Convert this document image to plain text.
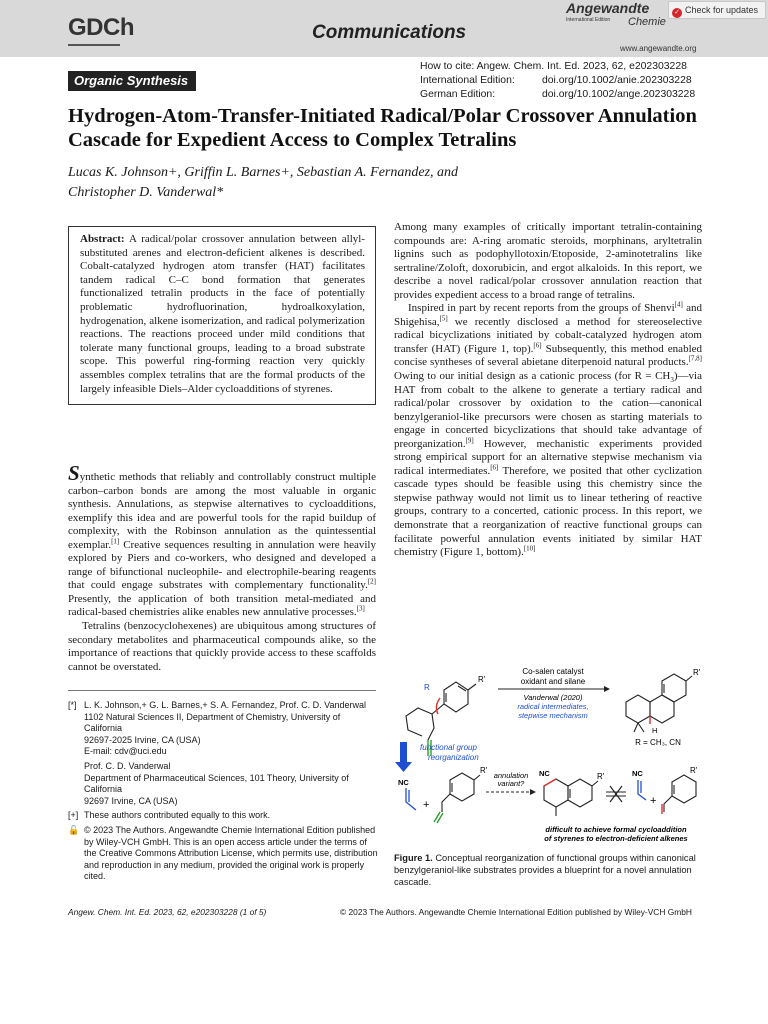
GDCh	Communications
Angewandte
International Edition Chemie
www.angewandte.org
✓ Check for updates
Organic Synthesis
How to cite: Angew. Chem. Int. Ed. 2023, 62, e202303228
International Edition:	doi.org/10.1002/anie.202303228
German Edition:	doi.org/10.1002/ange.202303228
Hydrogen-Atom-Transfer-Initiated Radical/Polar Crossover Annulation Cascade for Expedient Access to Complex Tetralins
Lucas K. Johnson+, Griffin L. Barnes+, Sebastian A. Fernandez, and
Christopher D. Vanderwal*
Abstract: A radical/polar crossover annulation between allyl-substituted arenes and electron-deficient alkenes is described. Cobalt-catalyzed hydrogen atom transfer (HAT) facilitates tandem radical C–C bond formation that generates functionalized tetralin products in the face of potentially problematic hydrofluorination, hydroalkoxylation, hydrogenation, alkene isomerization, and radical polymerization reactions. The reactions proceed under mild conditions that tolerate many functional groups, leading to a broad substrate scope. This powerful ring-forming reaction very quickly assembles complex tetralins that are the formal products of the largely infeasible Diels–Alder cycloadditions of styrenes.

Synthetic methods that reliably and controllably construct multiple carbon–carbon bonds are among the most valuable in organic synthesis. Annulations, as stepwise alternatives to cycloadditions, exemplify this idea and are powerful tools for the rapid buildup of complexity, with the Robinson annulation as the quintessential exemplar.[1] Creative sequences resulting in annulation were heavily explored by Piers and co-workers, who designed and developed a range of bifunctional nucleophile- and electrophile-bearing reagents that could engage substrates with complementary functionality.[2] Presently, the application of both transition metal-mediated and radical-based chemistries alike enables new annulative processes.[3]

Tetralins (benzocyclohexenes) are ubiquitous among structures of secondary metabolites and pharmaceutical compounds alike, so the importance of reactions that quickly provide access to these scaffolds cannot be overstated.

[*] L. K. Johnson,+ G. L. Barnes,+ S. A. Fernandez, Prof. C. D. Vanderwal
1102 Natural Sciences II, Department of Chemistry, University of California
92697-2025 Irvine, CA (USA)
E-mail: cdv@uci.edu
Prof. C. D. Vanderwal
Department of Pharmaceutical Sciences, 101 Theory, University of California
92697 Irvine, CA (USA)
[+] These authors contributed equally to this work.
🔓 © 2023 The Authors. Angewandte Chemie International Edition published by Wiley-VCH GmbH. This is an open access article under the terms of the Creative Commons Attribution License, which permits use, distribution and reproduction in any medium, provided the original work is properly cited.

Among many examples of critically important tetralin-containing compounds are: A-ring aromatic steroids, morphinans, aryltetralin lignins such as podophyllotoxin/Etoposide, 2-aminotetralins like sertraline/Zoloft, doxorubicin, and ergot alkaloids. In this report, we describe a novel radical/polar crossover annulation reaction that provides expedient access to a broad range of tetralins.

Inspired in part by recent reports from the groups of Shenvi[4] and Shigehisa,[5] we recently disclosed a method for stereoselective radical bicyclizations initiated by cobalt-catalyzed hydrogen atom transfer (HAT) (Figure 1, top).[6] Subsequently, this method enabled concise syntheses of several abietane diterpenoid natural products.[7,8] Owing to our initial design as a cationic process (for $R = CH_3)—via$ HAT from cobalt to the alkene to generate a tertiary radical and radical/polar crossover by oxidation to the cation—canonical benzylgeraniol-like precursors were chosen as starting materials to engage in concerted bicyclizations that should take advantage of preorganization.[9] However, mechanistic experiments provided strong empirical support for an alternative stepwise mechanism via radical intermediates.[6] Therefore, we posited that other cyclization cascade types should be feasible using this chemistry since the stepwise pathway would not limit us to linear tethering of reactive groups, contrary to a concerted, cationic process. In this report, we demonstrate that a reorganization of reactive functional groups can facilitate powerful annulation events initiated by similar HAT chemistry (Figure 1, bottom).[10]

R'
R
Co-salen catalyst
oxidant and silane
Vanderwal (2020)
radical intermediates,
stepwise mechanism
H
R'
R = CH₃, CN
functional group
reorganization
NC
+
R'
annulation
variant?
NC	R'	NC
+
R'
difficult to achieve formal cycloaddition
of styrenes to electron-deficient alkenes
Figure 1. Conceptual reorganization of functional groups within canonical benzylgeraniol-like substrates provides a blueprint for a novel annulation cascade.
Angew. Chem. Int. Ed. 2023, 62, e202303228 (1 of 5)	© 2023 The Authors. Angewandte Chemie International Edition published by Wiley-VCH GmbH
